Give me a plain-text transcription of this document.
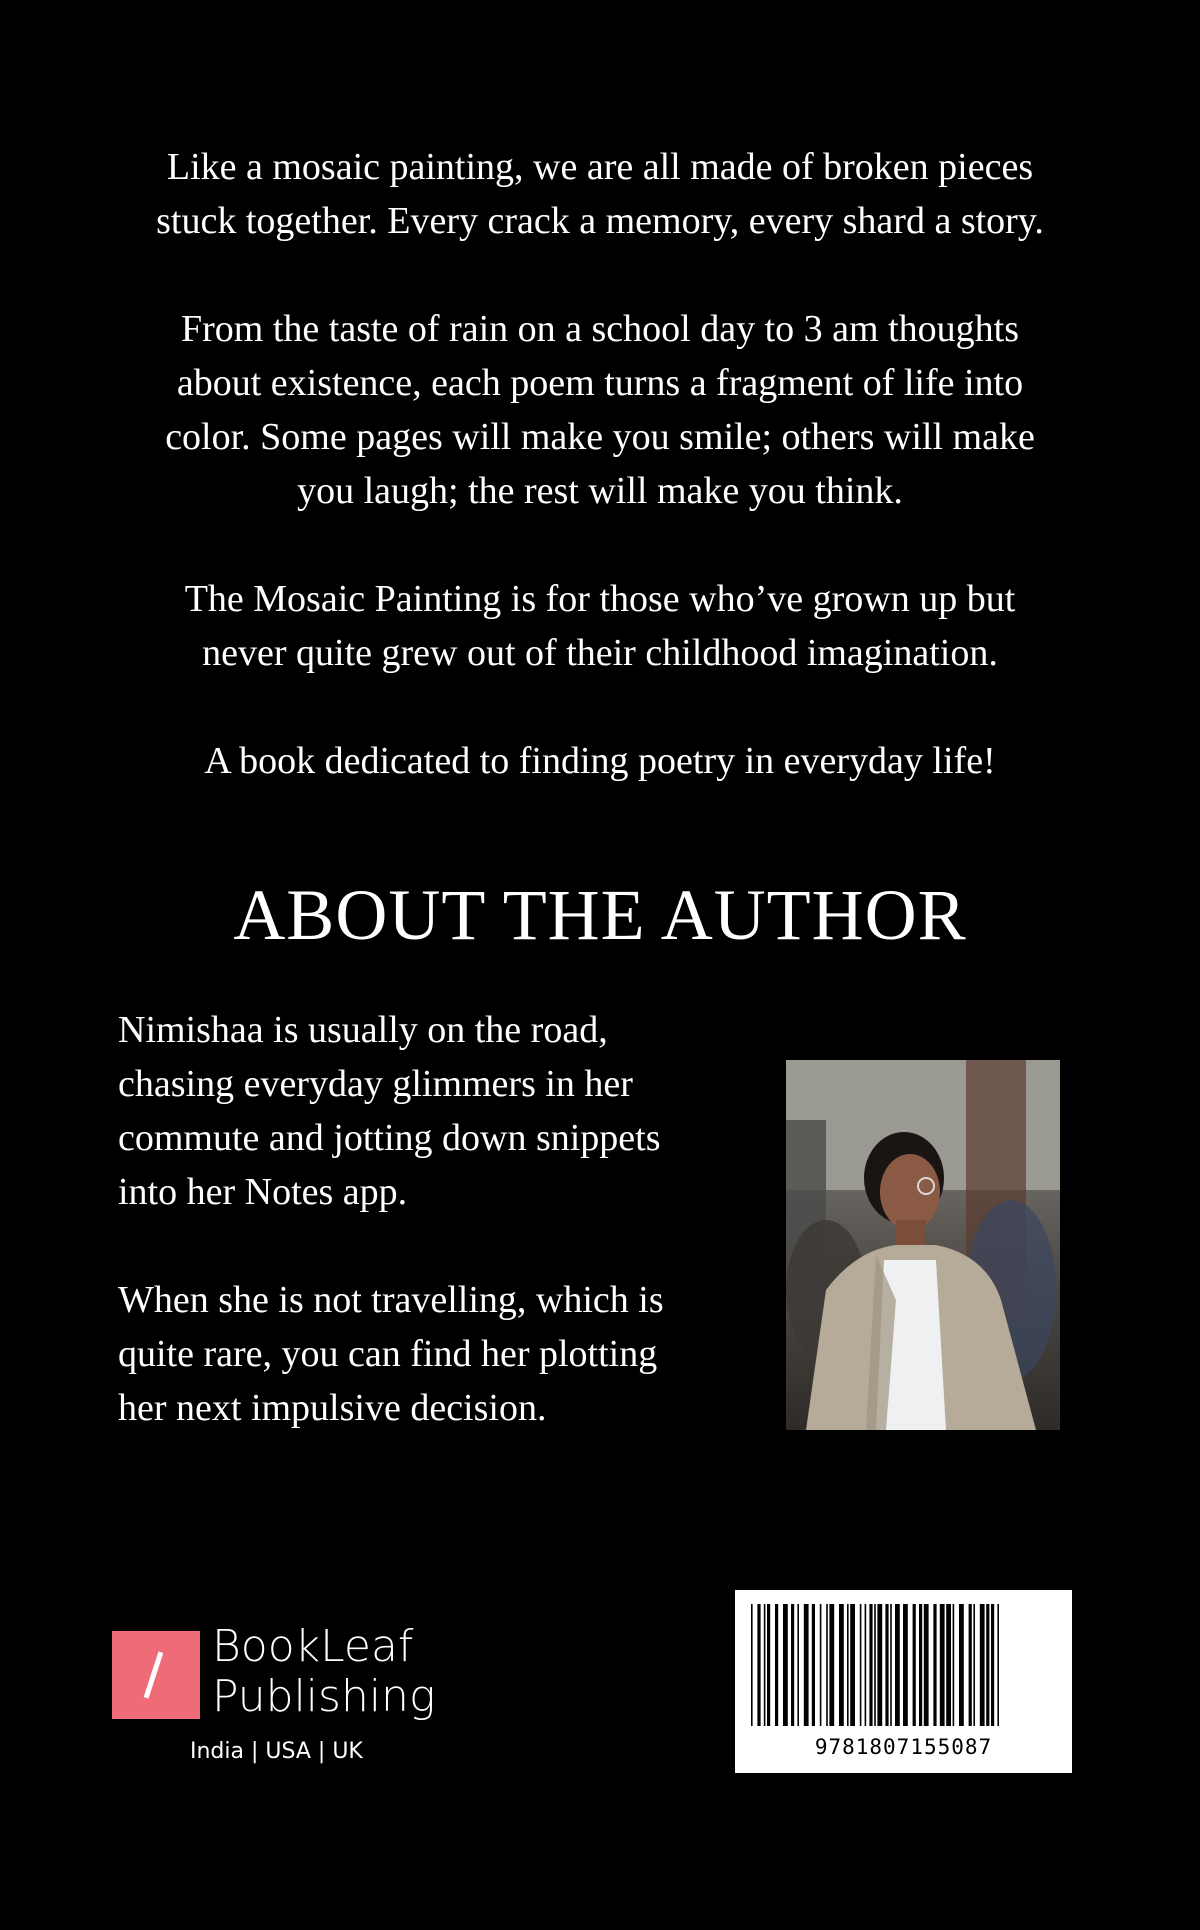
Like a mosaic painting, we are all made of broken pieces
stuck together. Every crack a memory, every shard a story.

From the taste of rain on a school day to 3 am thoughts
about existence, each poem turns a fragment of life into
color. Some pages will make you smile; others will make
you laugh; the rest will make you think.

The Mosaic Painting is for those who’ve grown up but
never quite grew out of their childhood imagination.

A book dedicated to finding poetry in everyday life!

ABOUT THE AUTHOR

Nimishaa is usually on the road,
chasing everyday glimmers in her
commute and jotting down snippets
into her Notes app.

When she is not travelling, which is
quite rare, you can find her plotting
her next impulsive decision.

BookLeaf
Publishing
India | USA | UK	9781807155087
